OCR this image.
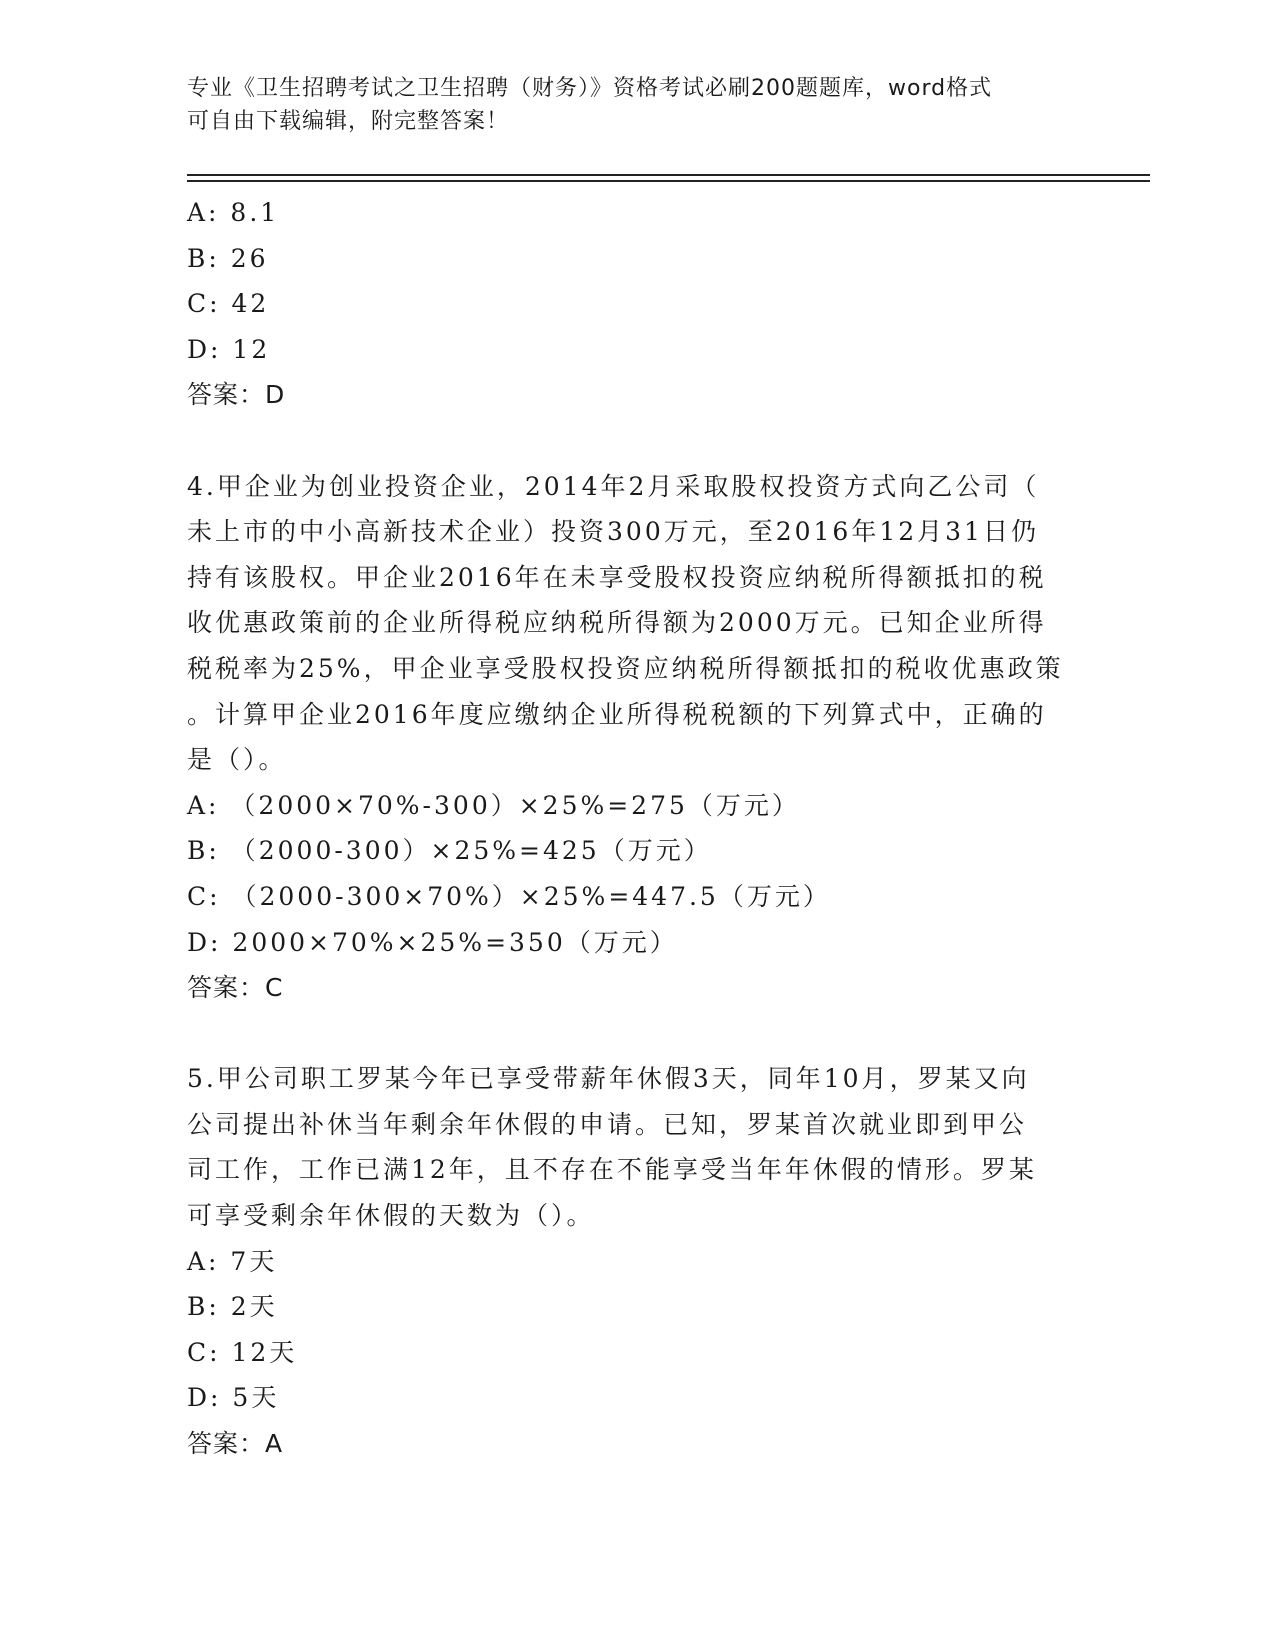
专业《卫生招聘考试之卫生招聘（财务）》资格考试必刷200题题库，word格式
可自由下载编辑，附完整答案！
A: 8.1
B: 26
C: 42
D: 12
答案：D
4.甲企业为创业投资企业，2014年2月采取股权投资方式向乙公司（
未上市的中小高新技术企业）投资300万元，至2016年12月31日仍
持有该股权。甲企业2016年在未享受股权投资应纳税所得额抵扣的税
收优惠政策前的企业所得税应纳税所得额为2000万元。已知企业所得
税税率为25%，甲企业享受股权投资应纳税所得额抵扣的税收优惠政策
。计算甲企业2016年度应缴纳企业所得税税额的下列算式中，正确的
是（）。
A: （2000×70%-300）×25%=275（万元）
B: （2000-300）×25%=425（万元）
C: （2000-300×70%）×25%=447.5（万元）
D: 2000×70%×25%=350（万元）
答案：C
5.甲公司职工罗某今年已享受带薪年休假3天，同年10月，罗某又向
公司提出补休当年剩余年休假的申请。已知，罗某首次就业即到甲公
司工作，工作已满12年，且不存在不能享受当年年休假的情形。罗某
可享受剩余年休假的天数为（）。
A: 7天
B: 2天
C: 12天
D: 5天
答案：A
